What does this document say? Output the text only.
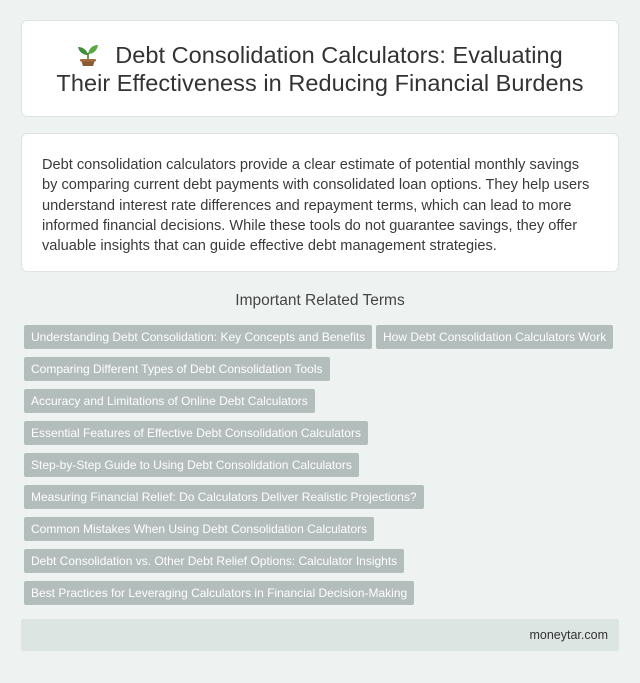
Debt Consolidation Calculators: Evaluating
Their Effectiveness in Reducing Financial Burdens

Debt consolidation calculators provide a clear estimate of potential monthly savings by comparing current debt payments with consolidated loan options. They help users understand interest rate differences and repayment terms, which can lead to more informed financial decisions. While these tools do not guarantee savings, they offer valuable insights that can guide effective debt management strategies.

Important Related Terms
Understanding Debt Consolidation: Key Concepts and Benefits	How Debt Consolidation Calculators Work
Comparing Different Types of Debt Consolidation Tools
Accuracy and Limitations of Online Debt Calculators
Essential Features of Effective Debt Consolidation Calculators
Step-by-Step Guide to Using Debt Consolidation Calculators
Measuring Financial Relief: Do Calculators Deliver Realistic Projections?
Common Mistakes When Using Debt Consolidation Calculators
Debt Consolidation vs. Other Debt Relief Options: Calculator Insights
Best Practices for Leveraging Calculators in Financial Decision-Making
moneytar.com
